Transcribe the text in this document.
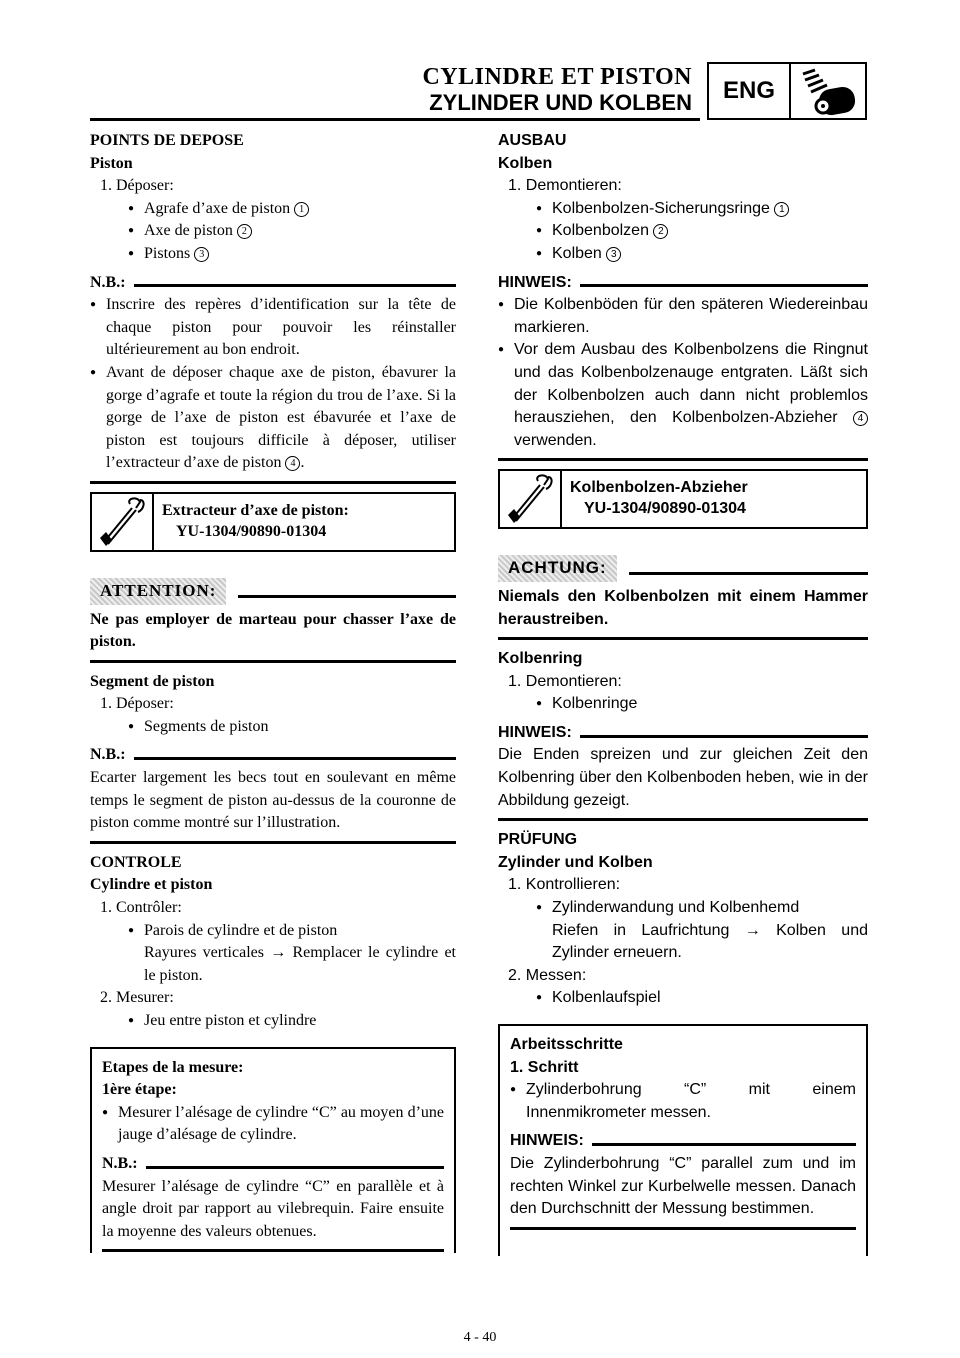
CYLINDRE ET PISTON
ZYLINDER UND KOLBEN	ENG

POINTS DE DEPOSE

Piston

1. Déposer:

● Agrafe d’axe de piston 1
● Axe de piston 2
● Pistons 3
N.B.:
● Inscrire des repères d’identification sur la tête de chaque piston pour pouvoir les réinstaller ultérieurement au bon endroit.
● Avant de déposer chaque axe de piston, ébavurer la gorge d’agrafe et toute la région du trou de l’axe. Si la gorge de l’axe de piston est ébavurée et l’axe de piston est toujours difficile à déposer, utiliser l’extracteur d’axe de piston 4 .
Extracteur d’axe de piston:
YU-1304/90890-01304
ATTENTION:
Ne pas employer de marteau pour chasser l’axe de piston.

Segment de piston

1. Déposer:

● Segments de piston
N.B.:
Ecarter largement les becs tout en soulevant en même temps le segment de piston au-dessus de la couronne de piston comme montré sur l’illustration.

CONTROLE

Cylindre et piston

1. Contrôler:

● Parois de cylindre et de piston
Rayures verticales → Remplacer le cylindre et le piston.

2. Mesurer:

● Jeu entre piston et cylindre
Etapes de la mesure:
1ère étape:
● Mesurer l’alésage de cylindre “C” au moyen d’une jauge d’alésage de cylindre.
N.B.:
Mesurer l’alésage de cylindre “C” en parallèle et à angle droit par rapport au vilebrequin. Faire ensuite la moyenne des valeurs obtenues.

AUSBAU

Kolben

1. Demontieren:

● Kolbenbolzen-Sicherungsringe 1
● Kolbenbolzen 2
● Kolben 3
HINWEIS:
● Die Kolbenböden für den späteren Wiedereinbau markieren.
● Vor dem Ausbau des Kolbenbolzens die Ringnut und das Kolbenbolzenauge entgraten. Läßt sich der Kolbenbolzen auch dann nicht problemlos herausziehen, den Kolbenbolzen-Abzieher 4 verwenden.
Kolbenbolzen-Abzieher
YU-1304/90890-01304
ACHTUNG:
Niemals den Kolbenbolzen mit einem Hammer heraustreiben.

Kolbenring

1. Demontieren:

● Kolbenringe
HINWEIS:
Die Enden spreizen und zur gleichen Zeit den Kolbenring über den Kolbenboden heben, wie in der Abbildung gezeigt.

PRÜFUNG

Zylinder und Kolben

1. Kontrollieren:

● Zylinderwandung und Kolbenhemd
Riefen in Laufrichtung → Kolben und Zylinder erneuern.

2. Messen:

● Kolbenlaufspiel
Arbeitsschritte
1. Schritt
● Zylinderbohrung “C” mit einem Innenmikrometer messen.
HINWEIS:
Die Zylinderbohrung “C” parallel zum und im rechten Winkel zur Kurbelwelle messen. Danach den Durchschnitt der Messung bestimmen.
4 - 40
